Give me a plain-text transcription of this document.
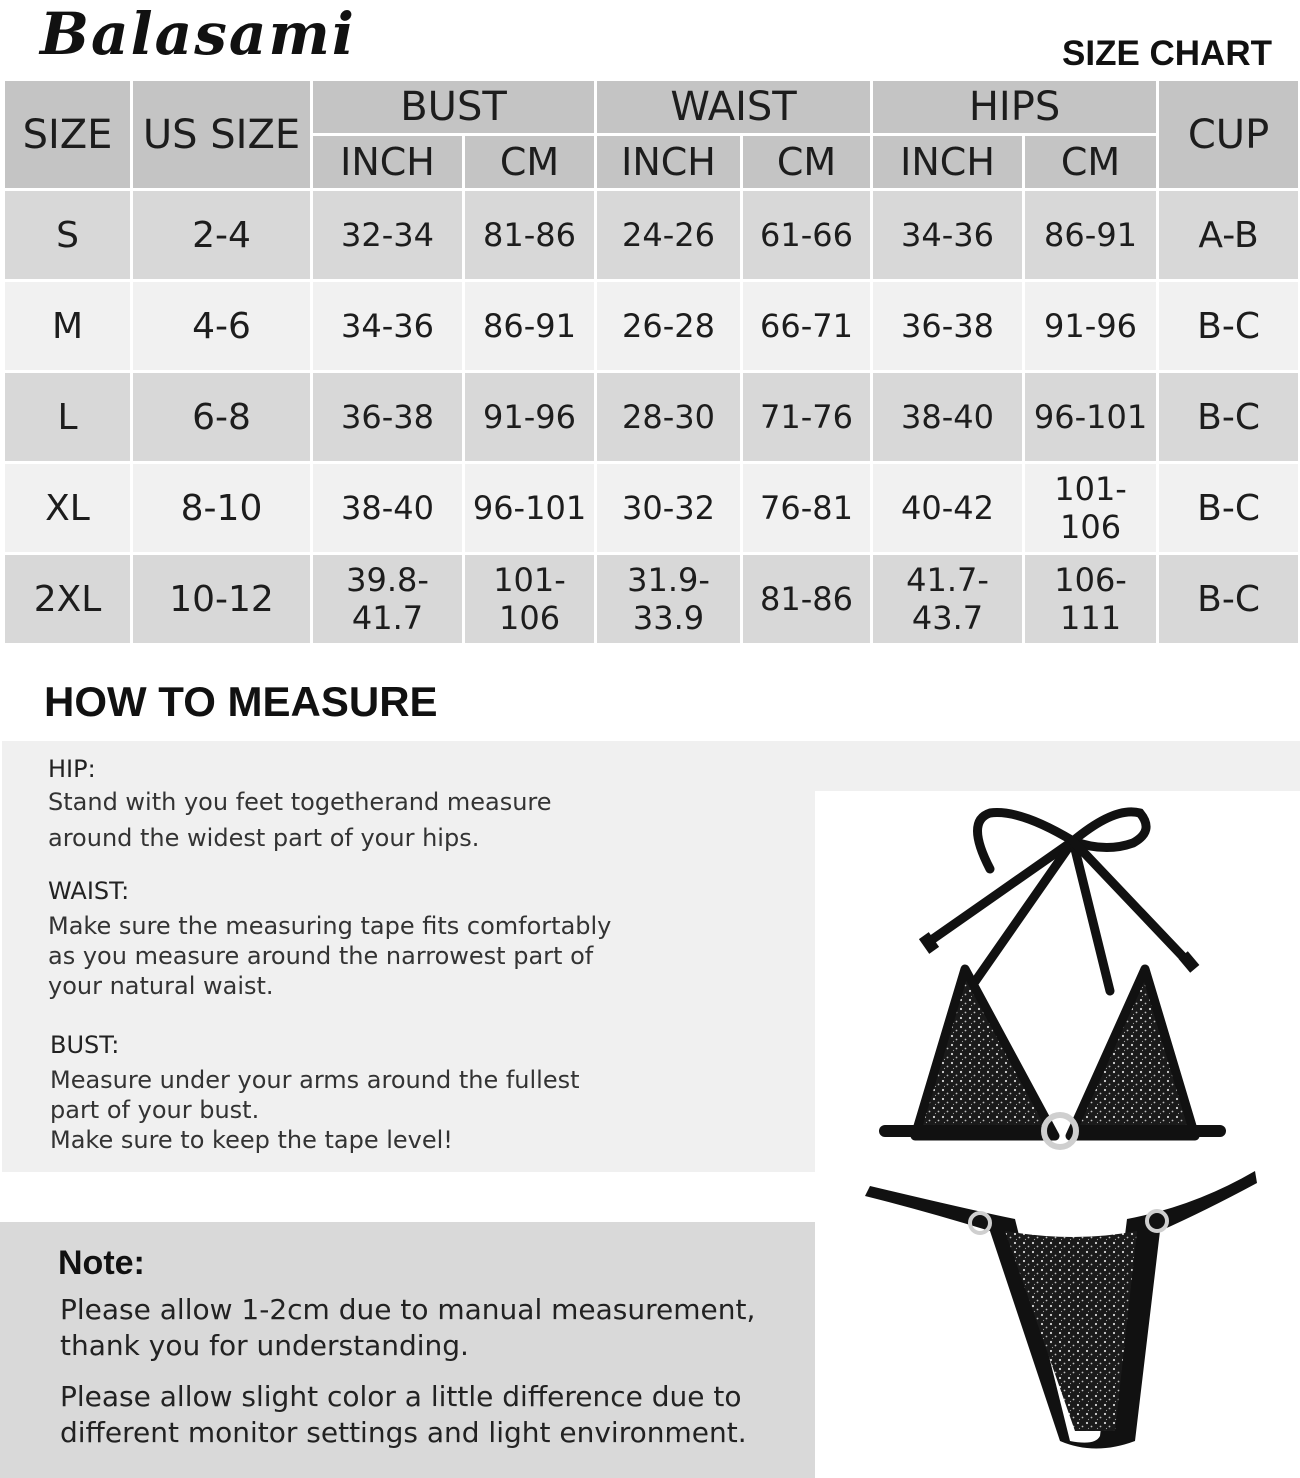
Balasami	SIZE CHART
SIZE	US SIZE	BUST		WAIST		HIPS		CUP
		INCH	CM	INCH	CM	INCH	CM	
S	2-4	32-34	81-86	24-26	61-66	34-36	86-91	A-B
M	4-6	34-36	86-91	26-28	66-71	36-38	91-96	B-C
L	6-8	36-38	91-96	28-30	71-76	38-40	96-101	B-C
XL	8-10	38-40	96-101	30-32	76-81	40-42	101-106	B-C
2XL	10-12	39.8-41.7	101-106	31.9-33.9	81-86	41.7-43.7	106-111	B-C
HOW TO MEASURE
HIP:
Stand with you feet togetherand measure
around the widest part of your hips.
WAIST:
Make sure the measuring tape fits comfortably
as you measure around the narrowest part of
your natural waist.
BUST:
Measure under your arms around the fullest
part of your bust.
Make sure to keep the tape level!
Note:
Please allow 1-2cm due to manual measurement,
thank you for understanding.
Please allow slight color a little difference due to
different monitor settings and light environment.
